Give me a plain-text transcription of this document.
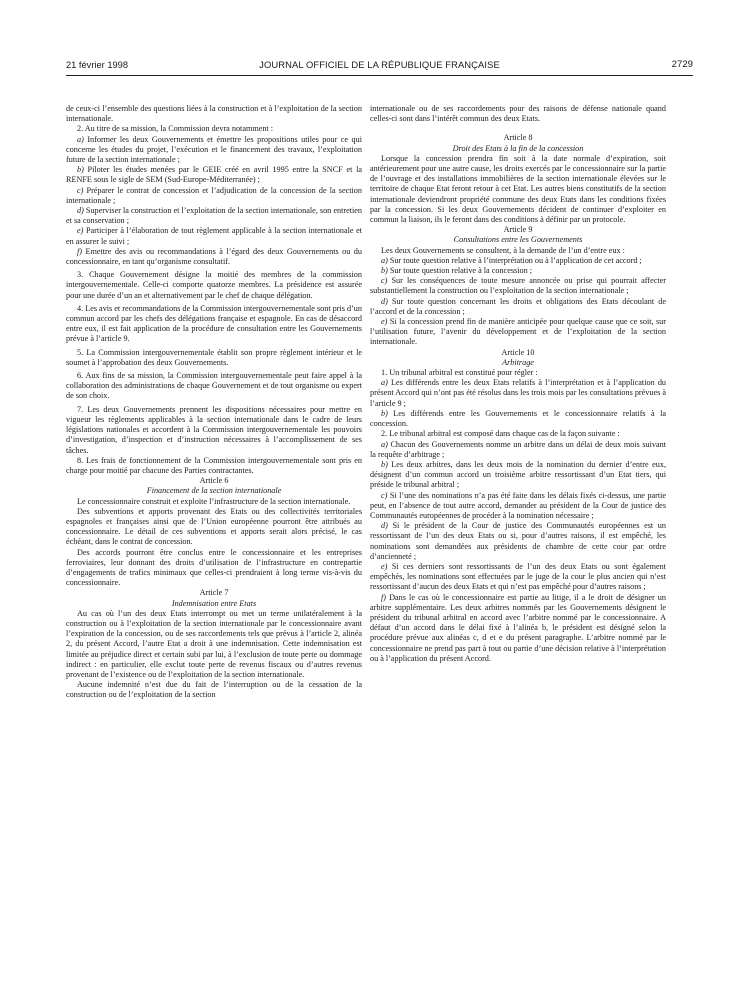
21 février 1998	JOURNAL OFFICIEL DE LA RÉPUBLIQUE FRANÇAISE	2729

de ceux-ci l’ensemble des questions liées à la construction et à l’exploitation de la section internationale.

2. Au titre de sa mission, la Commission devra notamment :

a) Informer les deux Gouvernements et émettre les propositions utiles pour ce qui concerne les études du projet, l’exécution et le financement des travaux, l’exploitation future de la section internationale ;

b) Piloter les études menées par le GEIE créé en avril 1995 entre la SNCF et la RENFE sous le sigle de SEM (Sud-Europe-Méditerranée) ;

c) Préparer le contrat de concession et l’adjudication de la concession de la section internationale ;

d) Superviser la construction et l’exploitation de la section internationale, son entretien et sa conservation ;

e) Participer à l’élaboration de tout règlement applicable à la section internationale et en assurer le suivi ;

f) Emettre des avis ou recommandations à l’égard des deux Gouvernements ou du concessionnaire, en tant qu’organisme consultatif.

3. Chaque Gouvernement désigne la moitié des membres de la commission intergouvernementale. Celle-ci comporte quatorze membres. La présidence est assurée pour une durée d’un an et alternativement par le chef de chaque délégation.

4. Les avis et recommandations de la Commission intergouvernementale sont pris d’un commun accord par les chefs des délégations française et espagnole. En cas de désaccord entre eux, il est fait application de la procédure de consultation entre les Gouvernements prévue à l’article 9.

5. La Commission intergouvernementale établit son propre règlement intérieur et le soumet à l’approbation des deux Gouvernements.

6. Aux fins de sa mission, la Commission intergouvernementale peut faire appel à la collaboration des administrations de chaque Gouvernement et de tout organisme ou expert de son choix.

7. Les deux Gouvernements prennent les dispositions nécessaires pour mettre en vigueur les règlements applicables à la section internationale dans le cadre de leurs législations nationales et accordent à la Commission intergouvernementale les pouvoirs d’investigation, d’inspection et d’instruction nécessaires à l’accomplissement de ses tâches.

8. Les frais de fonctionnement de la Commission intergouvernementale sont pris en charge pour moitié par chacune des Parties contractantes.

Article 6

Financement de la section internationale

Le concessionnaire construit et exploite l’infrastructure de la section internationale.

Des subventions et apports provenant des Etats ou des collectivités territoriales espagnoles et françaises ainsi que de l’Union européenne pourront être attribués au concessionnaire. Le détail de ces subventions et apports serait alors précisé, le cas échéant, dans le contrat de concession.

Des accords pourront être conclus entre le concessionnaire et les entreprises ferroviaires, leur donnant des droits d’utilisation de l’infrastructure en contrepartie d’engagements de trafics minimaux que celles-ci prendraient à long terme vis-à-vis du concessionnaire.

Article 7

Indemnisation entre Etats

Au cas où l’un des deux Etats interrompt ou met un terme unilatéralement à la construction ou à l’exploitation de la section internationale par le concessionnaire avant l’expiration de la concession, ou de ses raccordements tels que prévus à l’article 2, alinéa 2, du présent Accord, l’autre Etat a droit à une indemnisation. Cette indemnisation est limitée au préjudice direct et certain subi par lui, à l’exclusion de toute perte ou dommage indirect : en particulier, elle exclut toute perte de revenus fiscaux ou d’autres revenus provenant de l’existence ou de l’exploitation de la section internationale.

Aucune indemnité n’est due du fait de l’interruption ou de la cessation de la construction ou de l’exploitation de la section

internationale ou de ses raccordements pour des raisons de défense nationale quand celles-ci sont dans l’intérêt commun des deux Etats.

Article 8

Droit des Etats à la fin de la concession

Lorsque la concession prendra fin soit à la date normale d’expiration, soit antérieurement pour une autre cause, les droits exercés par le concessionnaire sur la partie de l’ouvrage et des installations immobilières de la section internationale élevées sur le territoire de chaque Etat feront retour à cet Etat. Les autres biens constitutifs de la section internationale deviendront propriété commune des deux Etats dans les conditions fixées par la concession. Si les deux Gouvernements décident de continuer d’exploiter en commun la liaison, ils le feront dans des conditions à définir par un protocole.

Article 9

Consultations entre les Gouvernements

Les deux Gouvernements se consultent, à la demande de l’un d’entre eux :

a) Sur toute question relative à l’interprétation ou à l’application de cet accord ;

b) Sur toute question relative à la concession ;

c) Sur les conséquences de toute mesure annoncée ou prise qui pourrait affecter substantiellement la construction ou l’exploitation de la section internationale ;

d) Sur toute question concernant les droits et obligations des Etats découlant de l’accord et de la concession ;

e) Si la concession prend fin de manière anticipée pour quelque cause que ce soit, sur l’utilisation future, l’avenir du développement et de l’exploitation de la section internationale.

Article 10

Arbitrage

1. Un tribunal arbitral est constitué pour régler :

a) Les différends entre les deux Etats relatifs à l’interprétation et à l’application du présent Accord qui n’ont pas été résolus dans les trois mois par les consultations prévues à l’article 9 ;

b) Les différends entre les Gouvernements et le concessionnaire relatifs à la concession.

2. Le tribunal arbitral est composé dans chaque cas de la façon suivante :

a) Chacun des Gouvernements nomme un arbitre dans un délai de deux mois suivant la requête d’arbitrage ;

b) Les deux arbitres, dans les deux mois de la nomination du dernier d’entre eux, désignent d’un commun accord un troisième arbitre ressortissant d’un Etat tiers, qui préside le tribunal arbitral ;

c) Si l’une des nominations n’a pas été faite dans les délais fixés ci-dessus, une partie peut, en l’absence de tout autre accord, demander au président de la Cour de justice des Communautés européennes de procéder à la nomination nécessaire ;

d) Si le président de la Cour de justice des Communautés européennes est un ressortissant de l’un des deux Etats ou si, pour d’autres raisons, il est empêché, les nominations sont demandées aux présidents de chambre de cette cour par ordre d’ancienneté ;

e) Si ces derniers sont ressortissants de l’un des deux Etats ou sont également empêchés, les nominations sont effectuées par le juge de la cour le plus ancien qui n’est ressortissant d’aucun des deux Etats et qui n’est pas empêché pour d’autres raisons ;

f) Dans le cas où le concessionnaire est partie au litige, il a le droit de désigner un arbitre supplémentaire. Les deux arbitres nommés par les Gouvernements désignent le président du tribunal arbitral en accord avec l’arbitre nommé par le concessionnaire. A défaut d’un accord dans le délai fixé à l’alinéa b, le président est désigné selon la procédure prévue aux alinéas c, d et e du présent paragraphe. L’arbitre nommé par le concessionnaire ne prend pas part à tout ou partie d’une décision relative à l’interprétation ou à l’application du présent Accord.
